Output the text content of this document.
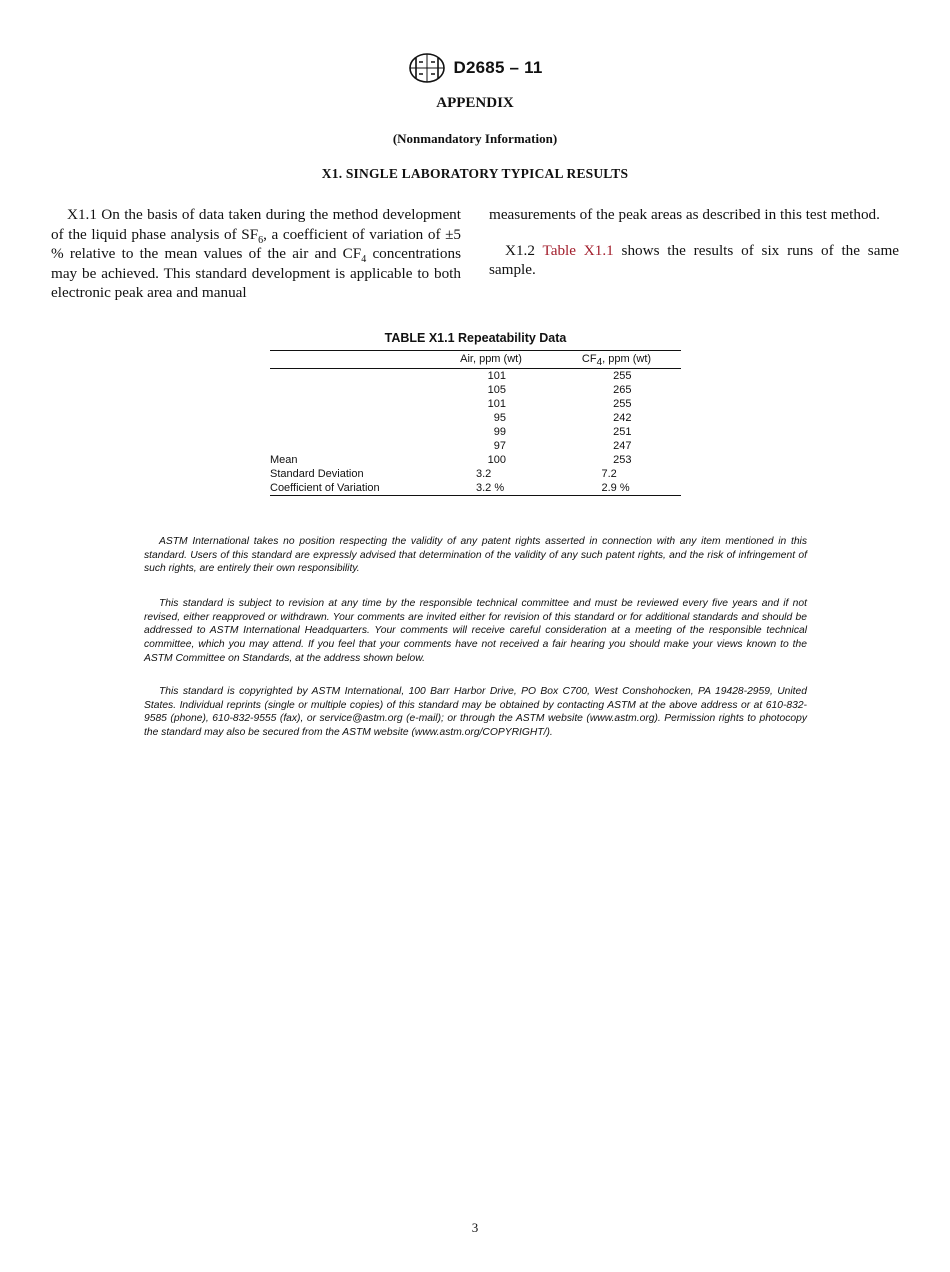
D2685 – 11
APPENDIX
(Nonmandatory Information)
X1. SINGLE LABORATORY TYPICAL RESULTS

X1.1 On the basis of data taken during the method development of the liquid phase analysis of $SF_6$, a coefficient of variation of ±5 % relative to the mean values of the air and $CF_4$ concentrations may be achieved. This standard development is applicable to both electronic peak area and manual

measurements of the peak areas as described in this test method.

X1.2 Table X1.1 shows the results of six runs of the same sample.

TABLE X1.1 Repeatability Data
	Air, ppm (wt)	$CF_4$, ppm (wt)
	101	255
	105	265
	101	255
	95	242
	99	251
	97	247
Mean	100	253
Standard Deviation	3.2	7.2
Coefficient of Variation	3.2 %	2.9 %

ASTM International takes no position respecting the validity of any patent rights asserted in connection with any item mentioned in this standard. Users of this standard are expressly advised that determination of the validity of any such patent rights, and the risk of infringement of such rights, are entirely their own responsibility.

This standard is subject to revision at any time by the responsible technical committee and must be reviewed every five years and if not revised, either reapproved or withdrawn. Your comments are invited either for revision of this standard or for additional standards and should be addressed to ASTM International Headquarters. Your comments will receive careful consideration at a meeting of the responsible technical committee, which you may attend. If you feel that your comments have not received a fair hearing you should make your views known to the ASTM Committee on Standards, at the address shown below.

This standard is copyrighted by ASTM International, 100 Barr Harbor Drive, PO Box C700, West Conshohocken, PA 19428-2959, United States. Individual reprints (single or multiple copies) of this standard may be obtained by contacting ASTM at the above address or at 610-832-9585 (phone), 610-832-9555 (fax), or service@astm.org (e-mail); or through the ASTM website (www.astm.org). Permission rights to photocopy the standard may also be secured from the ASTM website (www.astm.org/COPYRIGHT/).

3
